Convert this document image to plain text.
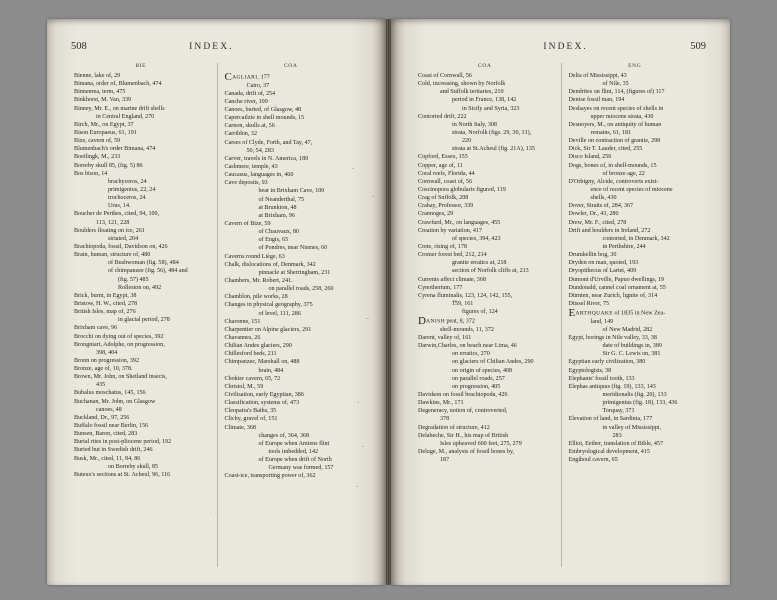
508	INDEX.
BIE
Bienne, lake of, 29
Bimana, order of, Blumenbach, 474
Binnenrea, term, 475
Binkhorst, M. Van, 339
Binney, Mr. E., on marine drift shells
in Central England, 270
Birch, Mr., on Egypt, 37
Bison Europaeus, 61, 191
Bize, cavern of, 59
Blumenbach's order Bimana, 474
Boetlingk, M., 233
Borreby skull 85, (fig. 5) 86
Bos bison, 14
brachyceros, 24
primigenius, 22, 24
trochoceros, 24
Urus, 14.
Boucher de Perthes, cited, 94, 100,
113, 121, 228
Boulders floating on ice, 261
striated, 204
Brachiopoda, fossil, Davidson on, 426
Brain, human, structure of, 480
of Bushwoman (fig. 58), 484
of chimpanzee (fig. 56), 484 and
(fig. 57) 485
Rolleston on, 492
Brick, burnt, in Egypt, 38
Bristow, H. W., cited, 278
British Isles, map of, 276
in glacial period, 278
Brixham cave, 96
Brocchi on dying out of species, 392
Brongniart, Adolphe, on progression,
398, 404
Bronn on progression, 392
Bronze, age of, 10, 378.
Brown, Mr. John, on Shetland insects,
435
Bubalus moschatus, 145, 156
Buchanan, Mr. John, on Glasgow
canoes, 48
Buckland, Dr., 97, 256
Buffalo fossil near Berlin, 156
Bunsen, Baron, cited, 283
Burial rites in post-pliocene period, 192
Buried hut in Swedish drift, 246
Busk, Mr., cited, 11, 84, 86
on Borreby skull, 85
Buteux's sections at St. Acheul, 96, 116
COA
CAGLIARI, 177
Cairo, 37
Canada, drift of, 254
Canche river, 109
Canoes, buried, of Glasgow, 48
Capercailzie in shell mounds, 15
Carnon, skulls at, 56
Carrildon, 32
Carses of Clyde, Forth, and Tay, 47,
50, 54, 283
Carver, travels in N. America, 189
Cashmere, temple, 43
Caucasus, languages in, 460
Cave deposits, 93
bear in Brixham Cave, 100
of Neanderthal, 75
at Brunkton, 48
at Brixham, 96
Cavern of Bize, 59
of Chauvaux, 80
of Engis, 65
of Pondres, near Nismes, 60
Caverns round Liège, 63
Chalk, dislocations of, Denmark, 342
pinnacle at Sherringham, 231
Chambers, Mr. Robert, 241.
on parallel roads, 258, 260
Chamblon, pile works, 28
Changes in physical geography, 375
of level, 111, 286
Charonne, 151
Charpentier on Alpine glaciers, 291
Chavannes, 26
Chilian Andes glaciers, 290
Chillesford beds, 211
Chimpanzee, Marshall on, 488
brain, 484
Chokier cavern, 65, 72
Christol, M., 59
Civilisation, early Egyptian, 386
Classification, systems of, 473
Cleopatra's Baths, 35
Clichy, gravel of, 151
Climate, 368
changes of, 364, 368
of Europe when Amiens flint
tools imbedded, 142
of Europe when drift of North
Germany was formed, 157
Coast-ice, transporting power of, 362
INDEX.	509
COA
Coast of Cornwall, 56
Cold, increasing, shown by Norfolk
and Suffolk tertiaries, 210
period in France, 138, 142
in Sicily and Syria, 323
Contorted drift, 222
in North Italy, 308
strata, Norfolk (figs. 29, 30, 31),
220
strata at St.Acheul (fig. 21A), 135
Copford, Essex, 155
Copper, age of, 11
Coral reefs, Florida, 44
Cornwall, coast of, 56
Coscinopora globularis figured, 119
Crag of Suffolk, 208
Crahay, Professor, 339
Crannoges, 29
Crawfurd, Mr., on languages, 455
Creation by variation, 417
of species, 394, 423
Crete, rising of, 178
Cromer forest bed, 212, 214
granite erratics at, 218
section of Norfolk cliffs at, 213
Currents affect climate, 368
Cynotherium, 177
Cyrena fluminalis, 123, 124, 142, 155,
159, 161
figures of, 124
DANISH peat, 8, 372
shell-mounds, 11, 372
Darent, valley of, 161
Darwin,Charles, on beach near Lima, 46
on erratics, 270
on glaciers of Chilian Andes, 290
on origin of species, 408
on parallel roads, 257
on progression, 405
Davidson on fossil brachiopoda, 426
Dawkins, Mr., 171
Degeneracy, notion of, controverted,
378
Degradation of structure, 412
Delabeche, Sir H., his map of British
Isles upheaved 600 feet, 275, 279
Deluge, M., analysis of fossil bones by,
187
ENG
Delta of Mississippi, 43
of Nile, 35
Dendrites on flint, 114, (figures of) 117
Denise fossil man, 194
Deshayes on recent species of shells in
upper miocene strata, 430
Desnoyers, M., on antiquity of human
remains, 61, 181
Deville on contraction of granite, 298
Dick, Sir T. Lauder, cited, 255
Disco Island, 256
Dogs, bones of, in shell-mounds, 15
of bronze age, 22
D'Orbigny, Alcide, controverts exist-
ence of recent species of miocene
shells, 430
Dover, Straits of, 284, 367
Dowler, Dr., 43, 280
Drew, Mr. F., cited, 278
Drift and boulders in Ireland, 272
contorted, in Denmark, 342
in Perthshire, 244
Drumkellin bog, 30
Dryden on man, quoted, 193
Dryopithecus of Lartet, 409
Dumont d'Urville, Papuo dwellings, 19
Dundonald, cannel coal ornament at, 55
Dürnten, near Zurich, lignite of, 314
Düssel River, 75
EARTHQUAKE of 1835 in New Zea-
land, 149
of New Madrid, 282
Egypt, borings in Nile valley, 33, 38
date of buildings in, 389
Sir G. C. Lewis on, 381
Egyptian early civilization, 380
Egyptologists, 38
Elephants' fossil tooth, 133
Elephas antiquus (fig. 19), 133, 143
meridionalis (fig. 20), 133
primigenius (fig. 18), 133, 436
Torquay, 371
Elevation of land, in Sardinia, 177
in valley of Mississippi,
283
Elliot, Eether, translation of Bible, 457
Embryological development, 415
Engihoul cavern, 65
